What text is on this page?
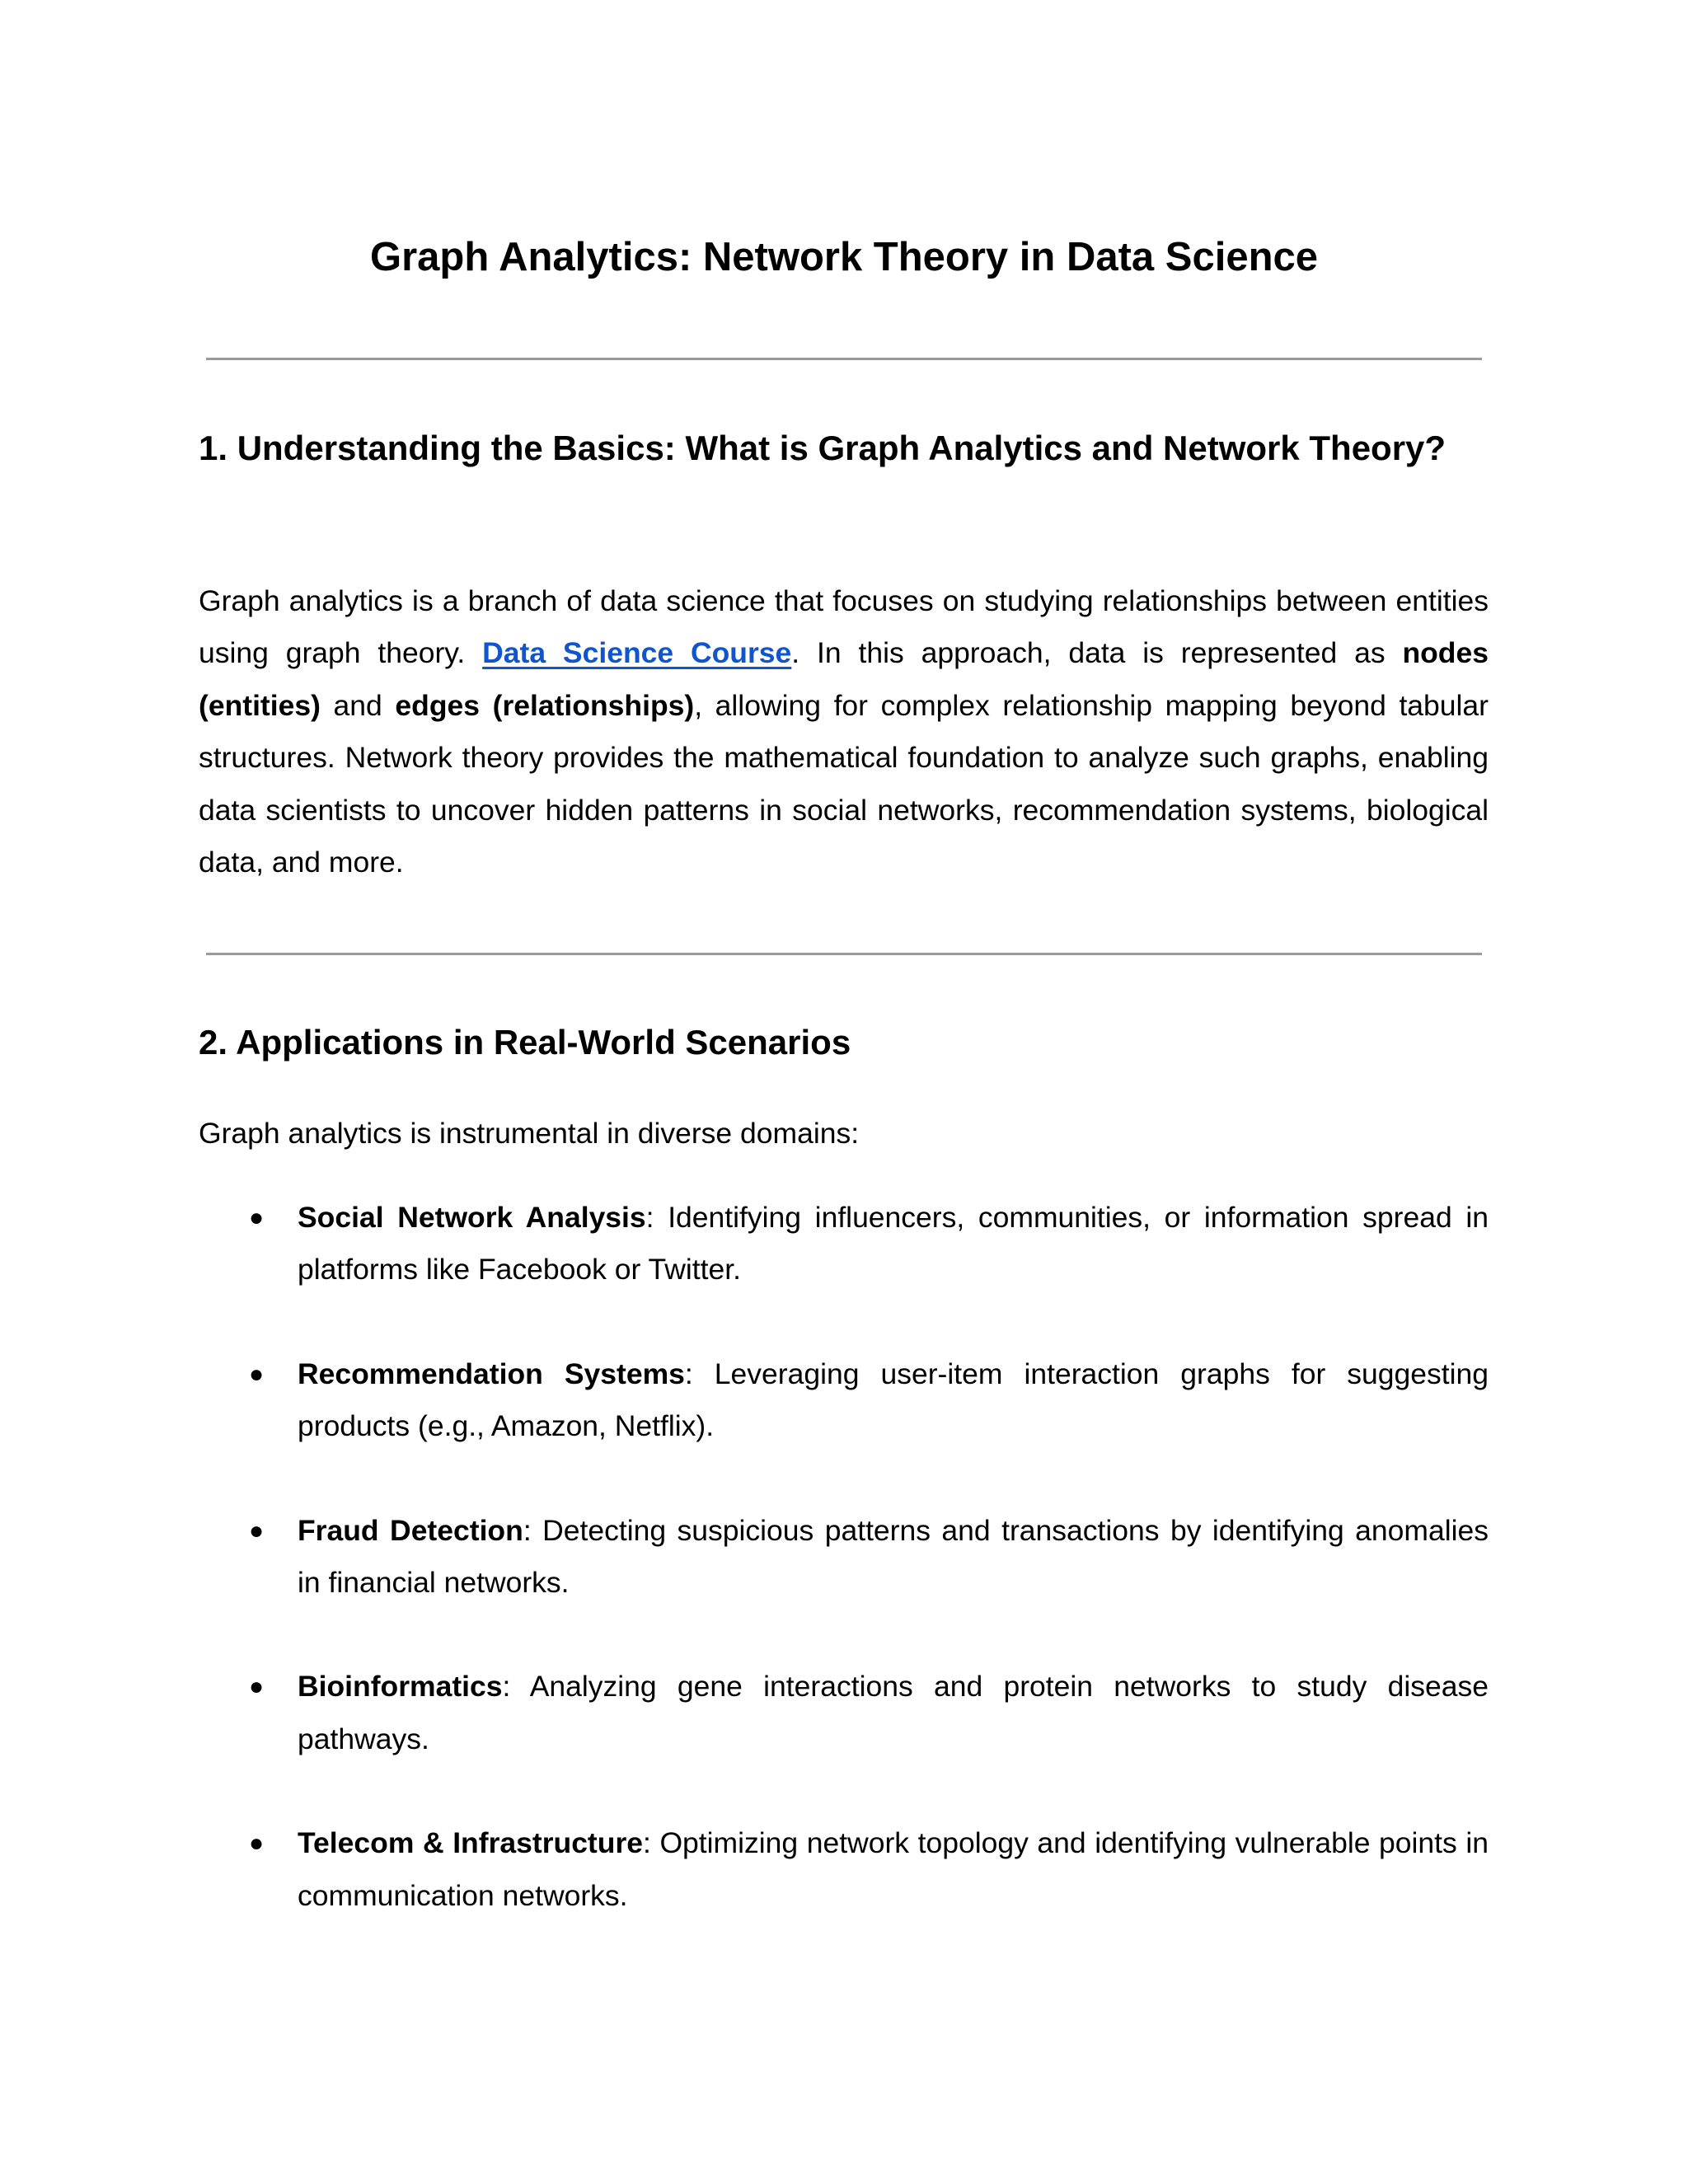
Graph Analytics: Network Theory in Data Science
1. Understanding the Basics: What is Graph Analytics and Network Theory?

Graph analytics is a branch of data science that focuses on studying relationships between entities using graph theory. Data Science Course. In this approach, data is represented as nodes (entities) and edges (relationships), allowing for complex relationship mapping beyond tabular structures. Network theory provides the mathematical foundation to analyze such graphs, enabling data scientists to uncover hidden patterns in social networks, recommendation systems, biological data, and more.

2. Applications in Real-World Scenarios

Graph analytics is instrumental in diverse domains:

● Social Network Analysis: Identifying influencers, communities, or information spread in platforms like Facebook or Twitter.
● Recommendation Systems: Leveraging user-item interaction graphs for suggesting products (e.g., Amazon, Netflix).
● Fraud Detection: Detecting suspicious patterns and transactions by identifying anomalies in financial networks.
● Bioinformatics: Analyzing gene interactions and protein networks to study disease pathways.
● Telecom & Infrastructure: Optimizing network topology and identifying vulnerable points in communication networks.
